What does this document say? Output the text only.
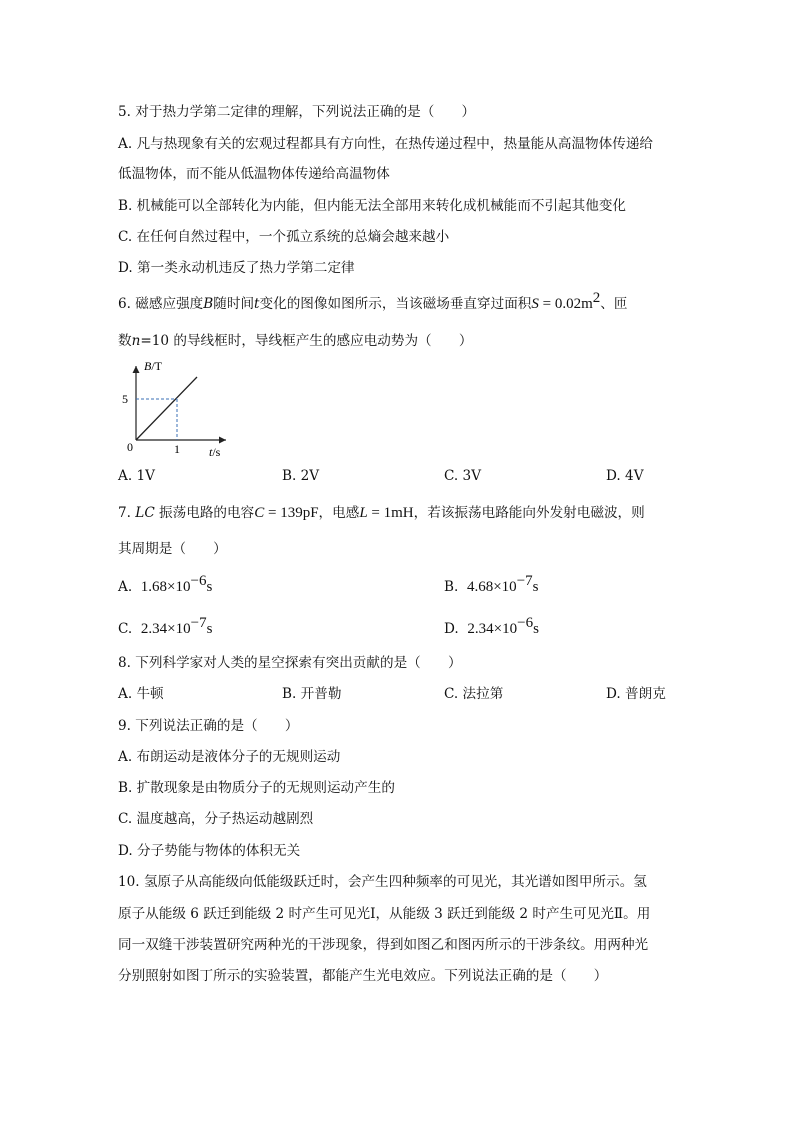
5. 对于热力学第二定律的理解，下列说法正确的是（　　）
A. 凡与热现象有关的宏观过程都具有方向性，在热传递过程中，热量能从高温物体传递给
低温物体，而不能从低温物体传递给高温物体
B. 机械能可以全部转化为内能，但内能无法全部用来转化成机械能而不引起其他变化
C. 在任何自然过程中，一个孤立系统的总熵会越来越小
D. 第一类永动机违反了热力学第二定律
6. 磁感应强度B随时间t变化的图像如图所示，当该磁场垂直穿过面积$S = 0.02m^2$、匝
数n=10 的导线框时，导线框产生的感应电动势为（　　）
B/T
5
0	1 t/s
A. 1V	B. 2V	C. 3V	D. 4V
7. LC 振荡电路的电容C = 139pF，电感L = 1mH，若该振荡电路能向外发射电磁波，则
其周期是（　　）
A. $1.68\times 10^{-6}s$	B. $4.68\times 10^{-7}s$
C. $2.34\times 10^{-7}s$	D. $2.34\times 10^{-6}s$
8. 下列科学家对人类的星空探索有突出贡献的是（　　）
A. 牛顿	B. 开普勒	C. 法拉第	D. 普朗克
9. 下列说法正确的是（　　）
A. 布朗运动是液体分子的无规则运动
B. 扩散现象是由物质分子的无规则运动产生的
C. 温度越高，分子热运动越剧烈
D. 分子势能与物体的体积无关
10. 氢原子从高能级向低能级跃迁时，会产生四种频率的可见光，其光谱如图甲所示。氢
原子从能级 6 跃迁到能级 2 时产生可见光Ⅰ，从能级 3 跃迁到能级 2 时产生可见光Ⅱ。用
同一双缝干涉装置研究两种光的干涉现象，得到如图乙和图丙所示的干涉条纹。用两种光
分别照射如图丁所示的实验装置，都能产生光电效应。下列说法正确的是（　　）
